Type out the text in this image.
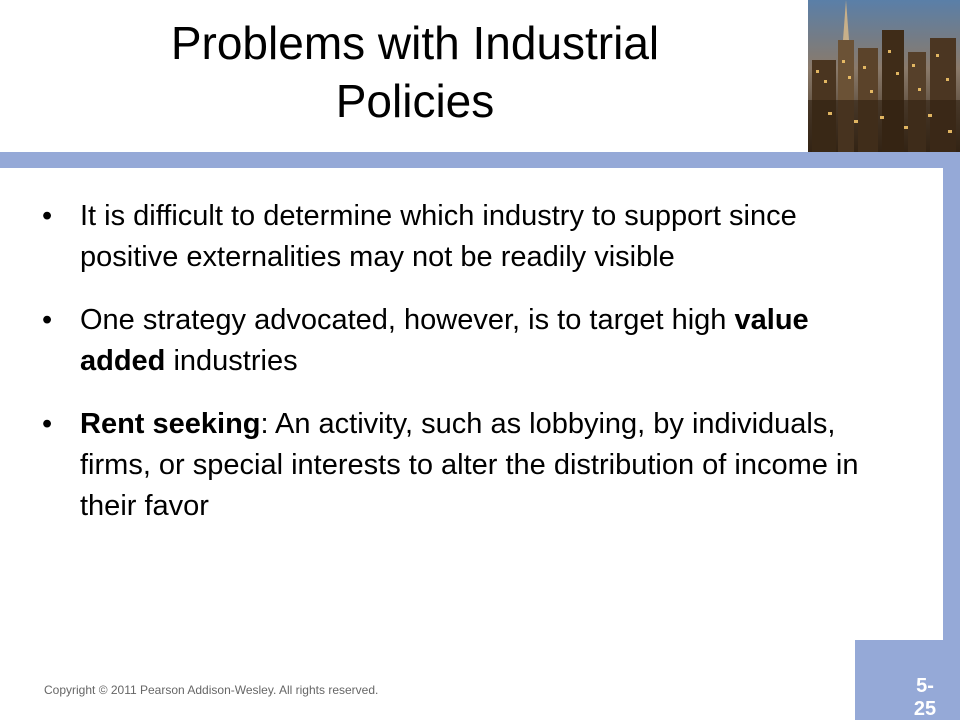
Problems with Industrial
Policies
• It is difficult to determine which industry to support since positive externalities may not be readily visible
• One strategy advocated, however, is to target high value added industries
• Rent seeking: An activity, such as lobbying, by individuals, firms, or special interests to alter the distribution of income in their favor
Copyright © 2011 Pearson Addison-Wesley. All rights reserved.	5-25
